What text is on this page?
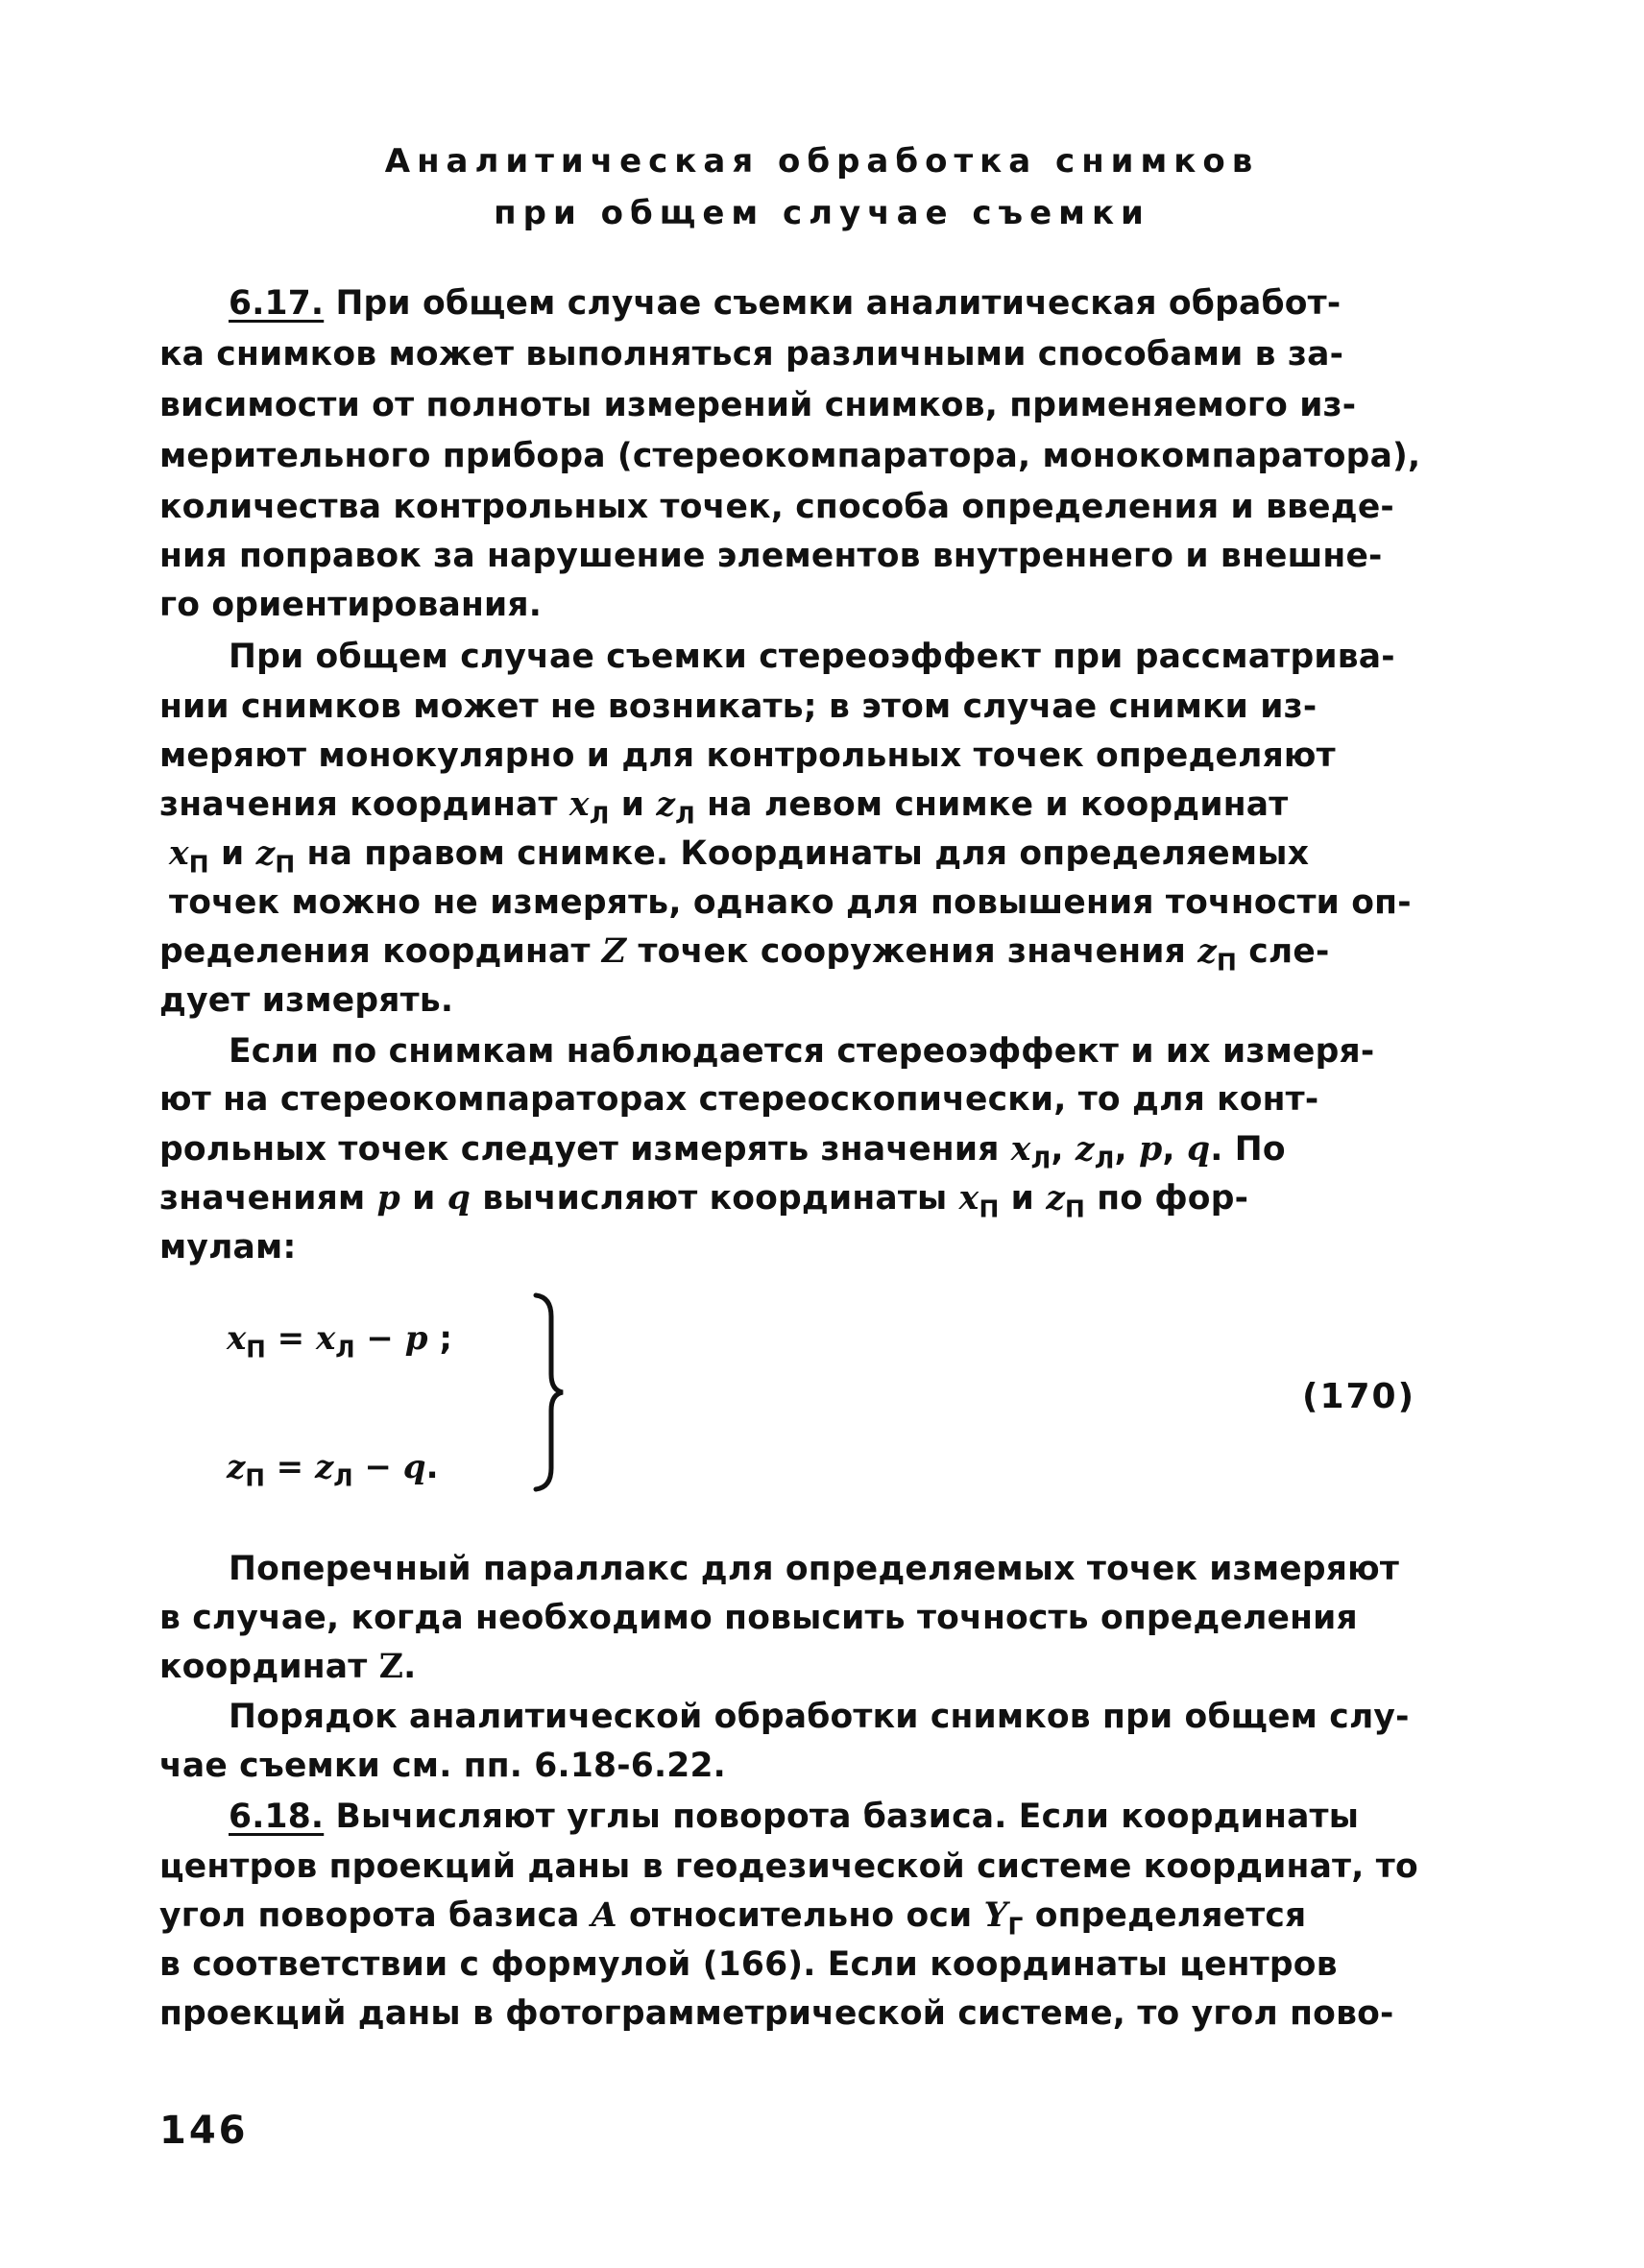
Аналитическая обработка снимков
при общем случае съемки
6.17. При общем случае съемки аналитическая обработ-
ка снимков может выполняться различными способами в за-
висимости от полноты измерений снимков, применяемого из-
мерительного прибора (стереокомпаратора, монокомпаратора),
количества контрольных точек, способа определения и введе-
ния поправок за нарушение элементов внутреннего и внешне-
го ориентирования.
При общем случае съемки стереоэффект при рассматрива-
нии снимков может не возникать; в этом случае снимки из-
меряют монокулярно и для контрольных точек определяют
значения координат $x_Л$ и $z_Л$ на левом снимке и координат
$x_П$ и $z_П$ на правом снимке. Координаты для определяемых
точек можно не измерять, однако для повышения точности оп-
ределения координат Z точек сооружения значения $z_П$ сле-
дует измерять.
Если по снимкам наблюдается стереоэффект и их измеря-
ют на стереокомпараторах стереоскопически, то для конт-
рольных точек следует измерять значения $x_Л$, $z_Л$, p, q. По
значениям p и q вычисляют координаты $x_П$ и $z_П$ по фор-
мулам:
$x_П = x_Л - p$ ;
$z_П = z_Л - q$.
(170)
Поперечный параллакс для определяемых точек измеряют
в случае, когда необходимо повысить точность определения
координат Z.
Порядок аналитической обработки снимков при общем слу-
чае съемки см. пп. 6.18-6.22.
6.18. Вычисляют углы поворота базиса. Если координаты
центров проекций даны в геодезической системе координат, то
угол поворота базиса A относительно оси $Y_Г$ определяется
в соответствии с формулой (166). Если координаты центров
проекций даны в фотограмметрической системе, то угол пово-
146
